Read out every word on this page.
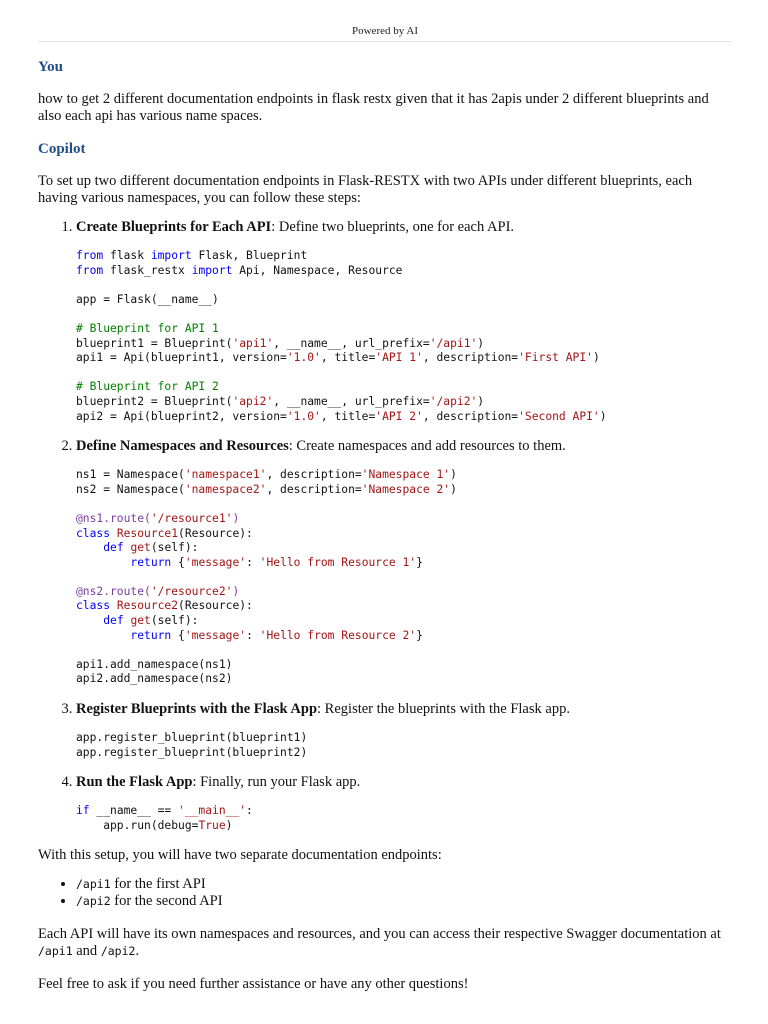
Powered by AI
You

how to get 2 different documentation endpoints in flask restx given that it has 2apis under 2 different blueprints and also each api has various name spaces.

Copilot

To set up two different documentation endpoints in Flask-RESTX with two APIs under different blueprints, each having various namespaces, you can follow these steps:

1. Create Blueprints for Each API: Define two blueprints, one for each API.
from flask import Flask, Blueprint
from flask_restx import Api, Namespace, Resource
app = Flask(__name__)
# Blueprint for API 1
blueprint1 = Blueprint('api1', __name__, url_prefix='/api1')
api1 = Api(blueprint1, version='1.0', title='API 1', description='First API')
# Blueprint for API 2
blueprint2 = Blueprint('api2', __name__, url_prefix='/api2')
api2 = Api(blueprint2, version='1.0', title='API 2', description='Second API')
2. Define Namespaces and Resources: Create namespaces and add resources to them.
ns1 = Namespace('namespace1', description='Namespace 1')
ns2 = Namespace('namespace2', description='Namespace 2')
@ns1.route('/resource1')
class Resource1(Resource):
def get(self):
return {'message': 'Hello from Resource 1'}
@ns2.route('/resource2')
class Resource2(Resource):
def get(self):
return {'message': 'Hello from Resource 2'}
api1.add_namespace(ns1)
api2.add_namespace(ns2)
3. Register Blueprints with the Flask App: Register the blueprints with the Flask app.
app.register_blueprint(blueprint1)
app.register_blueprint(blueprint2)
4. Run the Flask App: Finally, run your Flask app.
if __name__ == '__main__':
app.run(debug=True)

With this setup, you will have two separate documentation endpoints:

• /api1 for the first API
• /api2 for the second API

Each API will have its own namespaces and resources, and you can access their respective Swagger documentation at /api1 and /api2.

Feel free to ask if you need further assistance or have any other questions!
